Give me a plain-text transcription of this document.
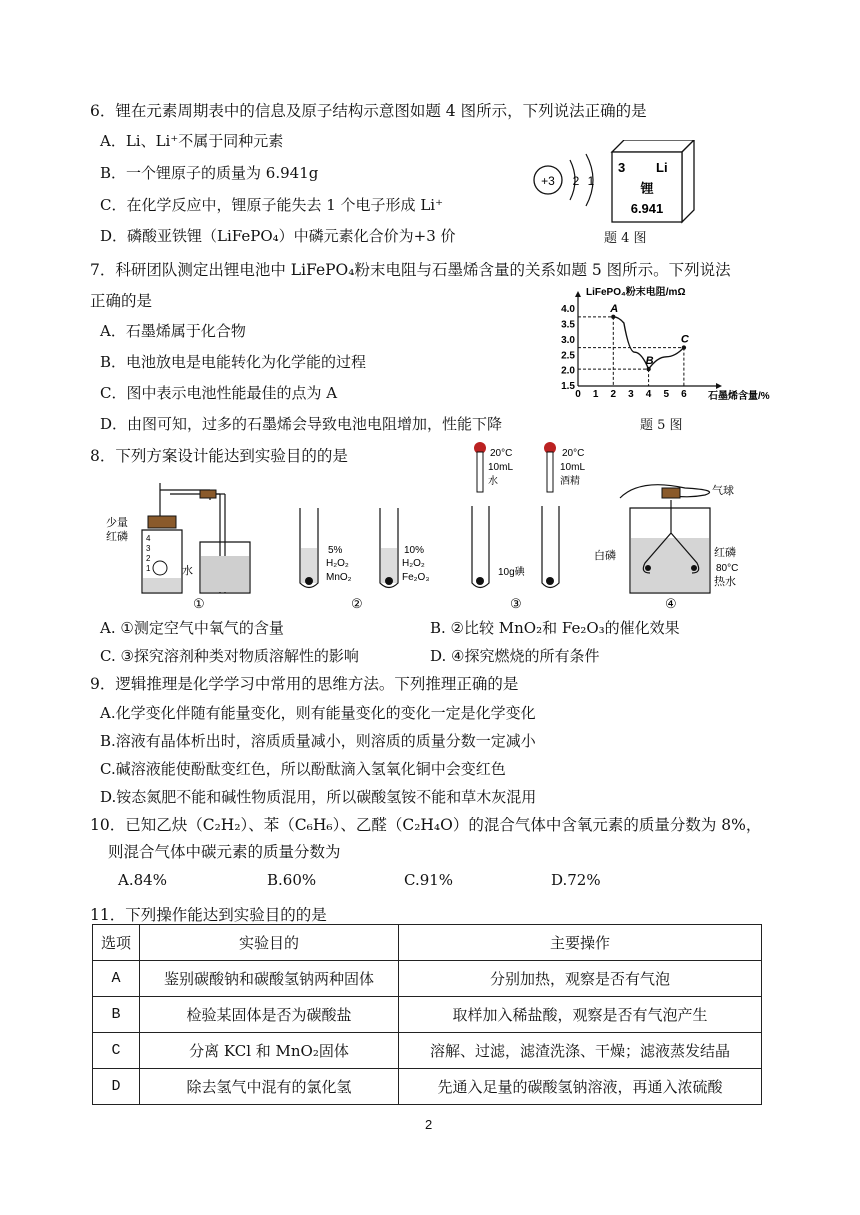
6．锂在元素周期表中的信息及原子结构示意图如题 4 图所示，下列说法正确的是
A．Li、Li⁺不属于同种元素
B．一个锂原子的质量为 6.941g
C．在化学反应中，锂原子能失去 1 个电子形成 Li⁺
D．磷酸亚铁锂（LiFePO₄）中磷元素化合价为+3 价
+3 2 1
3 Li
锂
6.941
题 4 图
7．科研团队测定出锂电池中 LiFePO₄粉末电阻与石墨烯含量的关系如题 5 图所示。下列说法
正确的是
A．石墨烯属于化合物
B．电池放电是电能转化为化学能的过程
C．图中表示电池性能最佳的点为 A
D．由图可知，过多的石墨烯会导致电池电阻增加，性能下降
LiFePO₄粉末电阻/mΩ
石墨烯含量/%
0 1 2 3 4 5 6
1.5
2.0
2.5
3.0
3.5
4.0	A
B
C
题 5 图
8．下列方案设计能达到实验目的的是
少量
红磷 4
3
2
1	水
①
5%
H₂O₂
MnO₂
10%
H₂O₂
Fe₂O₃
②
20°C
10mL
水
20°C
10mL
酒精
10g碘
③
气球
白磷	红磷
80°C
热水
④
A. ①测定空气中氧气的含量	B. ②比较 MnO₂和 Fe₂O₃的催化效果
C. ③探究溶剂种类对物质溶解性的影响	D. ④探究燃烧的所有条件
9．逻辑推理是化学学习中常用的思维方法。下列推理正确的是
A.化学变化伴随有能量变化，则有能量变化的变化一定是化学变化
B.溶液有晶体析出时，溶质质量减小，则溶质的质量分数一定减小
C.碱溶液能使酚酞变红色，所以酚酞滴入氢氧化铜中会变红色
D.铵态氮肥不能和碱性物质混用，所以碳酸氢铵不能和草木灰混用
10．已知乙炔（C₂H₂）、苯（C₆H₆）、乙醛（C₂H₄O）的混合气体中含氧元素的质量分数为 8%，
则混合气体中碳元素的质量分数为
A.84%	B.60%	C.91%	D.72%
11．下列操作能达到实验目的的是
选项	实验目的	主要操作
A	鉴别碳酸钠和碳酸氢钠两种固体	分别加热，观察是否有气泡
B	检验某固体是否为碳酸盐	取样加入稀盐酸，观察是否有气泡产生
C	分离 KCl 和 MnO₂固体	溶解、过滤，滤渣洗涤、干燥；滤液蒸发结晶
D	除去氢气中混有的氯化氢	先通入足量的碳酸氢钠溶液，再通入浓硫酸
2
